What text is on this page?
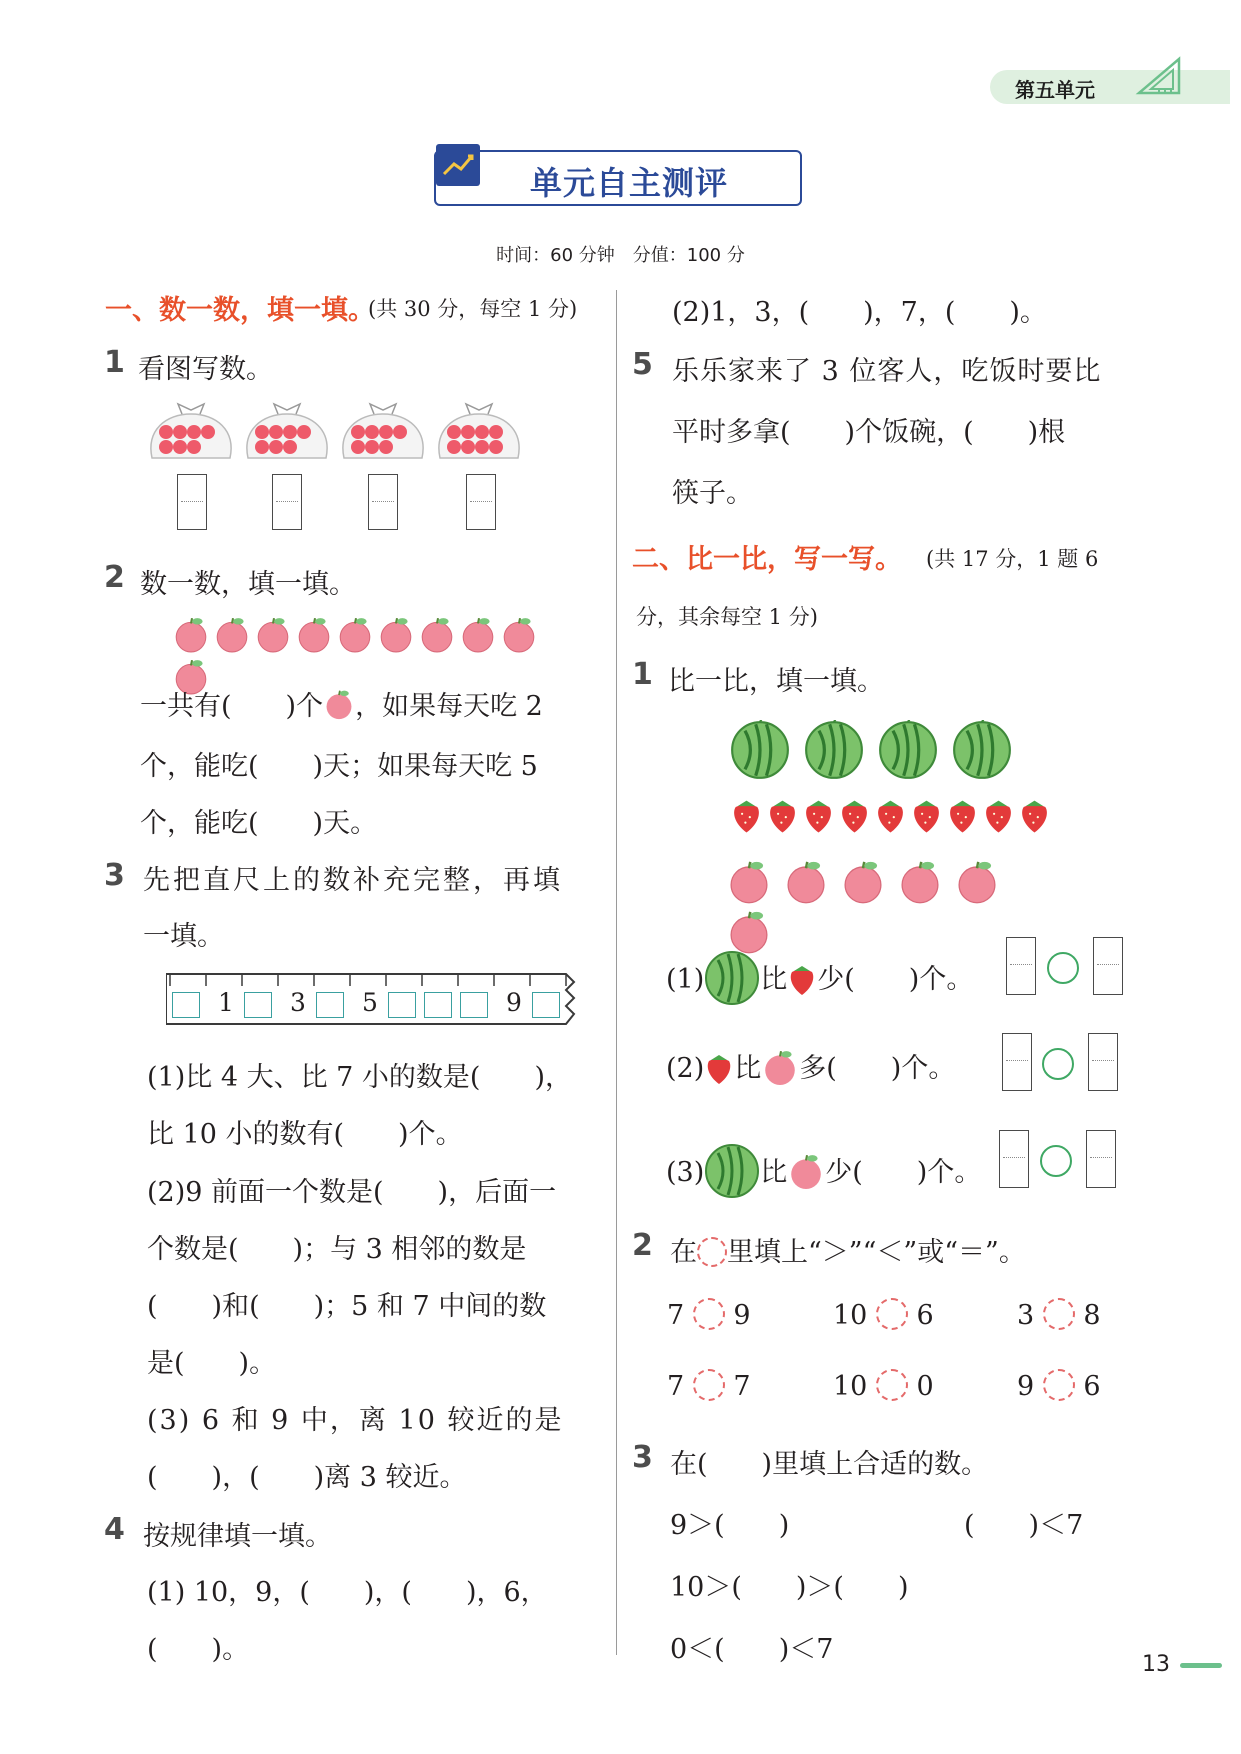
第五单元
单元自主测评
时间：60 分钟　分值：100 分
一、数一数，填一填。
(共 30 分，每空 1 分)
1 看图写数。
2 数一数，填一填。
一共有(　　)个 ，如果每天吃 2
个，能吃(　　)天；如果每天吃 5
个，能吃(　　)天。
3 先把直尺上的数补充完整，再填
一填。
1 3 5	9
(1)比 4 大、比 7 小的数是(　　)，
比 10 小的数有(　　)个。
(2)9 前面一个数是(　　)，后面一
个数是(　　)；与 3 相邻的数是
(　　)和(　　)；5 和 7 中间的数
是(　　)。
(3) 6 和 9 中，离 10 较近的是
(　　)，(　　)离 3 较近。
4 按规律填一填。
(1) 10，9，(　　)，(　　)，6，
(　　)。
(2)1，3，(　　)，7，(　　)。
5 乐乐家来了 3 位客人，吃饭时要比
平时多拿(　　)个饭碗，(　　)根
筷子。
二、比一比，写一写。 (共 17 分，1 题 6
分，其余每空 1 分)
1 比一比，填一填。
(1) 比 少(　　)个。
(2) 比 多(　　)个。
(3) 比 少(　　)个。
2 在 里填上“＞”“＜”或“＝”。
7 9	10 6	3 8
7 7	10 0	9 6
3 在(　　)里填上合适的数。
9＞(　　)	(　　)＜7
10＞(　　)＞(　　)
0＜(　　)＜7	13
